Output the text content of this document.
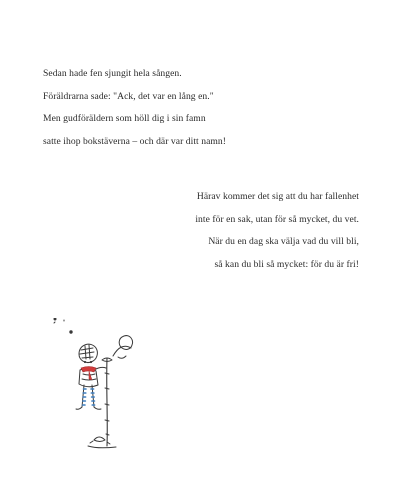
Sedan hade fen sjungit hela sången.
Föräldrarna sade: "Ack, det var en lång en."
Men gudföräldern som höll dig i sin famn
satte ihop bokstäverna – och där var ditt namn!
Härav kommer det sig att du har fallenhet
inte för en sak, utan för så mycket, du vet.
När du en dag ska välja vad du vill bli,
så kan du bli så mycket: för du är fri!
